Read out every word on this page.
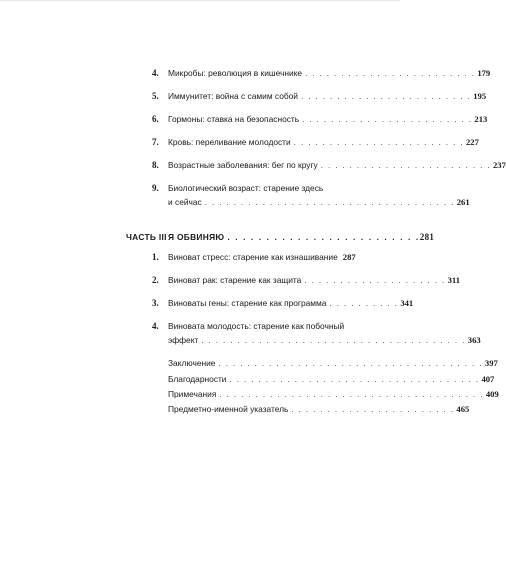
4. Микробы: революция в кишечнике . . . . . . . . . . . . . . . . . . . . . . . . 179
5. Иммунитет: война с самим собой . . . . . . . . . . . . . . . . . . . . . . . . 195
6. Гормоны: ставка на безопасность . . . . . . . . . . . . . . . . . . . . . . . . 213
7. Кровь: переливание молодости . . . . . . . . . . . . . . . . . . . . . . . . 227
8. Возрастные заболевания: бег по кругу . . . . . . . . . . . . . . . . . . . . . . . . 237
9. Биологический возраст: старение здесь
и сейчас . . . . . . . . . . . . . . . . . . . . . . . . . . . . . . . . . . . 261
ЧАСТЬ III Я ОБВИНЯЮ . . . . . . . . . . . . . . . . . . . . . . . . . 281
1. Виноват стресс: старение как изнашивание 287
2. Виноват рак: старение как защита . . . . . . . . . . . . . . . . . . . . 311
3. Виноваты гены: старение как программа . . . . . . . . . . 341
4. Виновата молодость: старение как побочный
эффект . . . . . . . . . . . . . . . . . . . . . . . . . . . . . . . . . . . . . 363
Заключение . . . . . . . . . . . . . . . . . . . . . . . . . . . . . . . . . . . . . 397
Благодарности . . . . . . . . . . . . . . . . . . . . . . . . . . . . . . . . . . . 407
Примечания . . . . . . . . . . . . . . . . . . . . . . . . . . . . . . . . . . . . . 409
Предметно-именной указатель . . . . . . . . . . . . . . . . . . . . . . . 465
